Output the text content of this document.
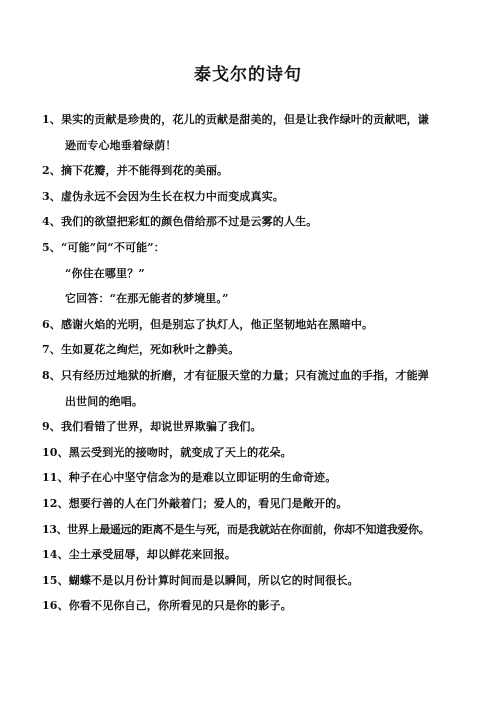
泰戈尔的诗句
1、果实的贡献是珍贵的，花儿的贡献是甜美的，但是让我作绿叶的贡献吧，谦
逊而专心地垂着绿荫！
2、摘下花瓣，并不能得到花的美丽。
3、虚伪永远不会因为生长在权力中而变成真实。
4、我们的欲望把彩虹的颜色借给那不过是云雾的人生。
5、“可能”问“不可能”：
“你住在哪里？”
它回答：“在那无能者的梦境里。”
6、感谢火焰的光明，但是别忘了执灯人，他正坚韧地站在黑暗中。
7、生如夏花之绚烂，死如秋叶之静美。
8、只有经历过地狱的折磨，才有征服天堂的力量；只有流过血的手指，才能弹
出世间的绝唱。
9、我们看错了世界，却说世界欺骗了我们。
10、黑云受到光的接吻时，就变成了天上的花朵。
11、种子在心中坚守信念为的是难以立即证明的生命奇迹。
12、想要行善的人在门外敲着门；爱人的，看见门是敞开的。
13、世界上最遥远的距离不是生与死，而是我就站在你面前，你却不知道我爱你。
14、尘土承受屈辱，却以鲜花来回报。
15、蝴蝶不是以月份计算时间而是以瞬间，所以它的时间很长。
16、你看不见你自己，你所看见的只是你的影子。
